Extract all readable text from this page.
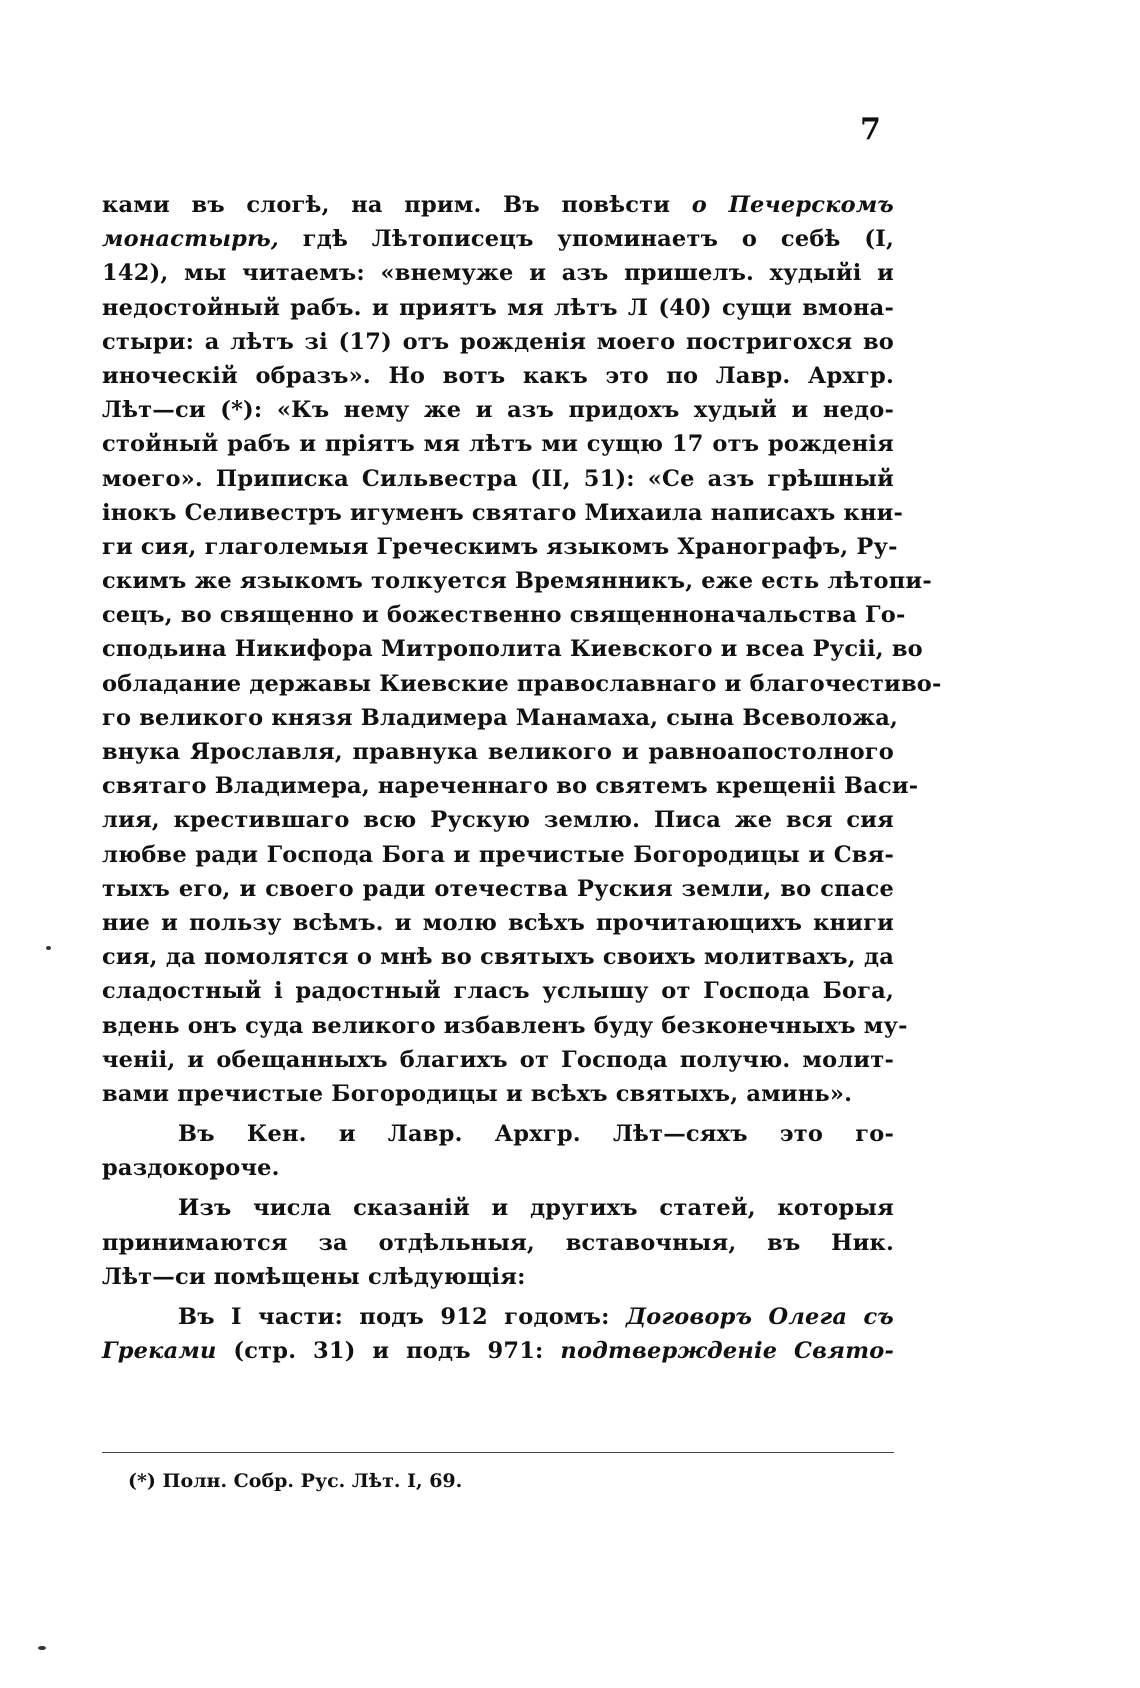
7
ками въ слогѣ, на прим. Въ повѣсти о Печерскомъ
монастырѣ, гдѣ Лѣтописецъ упоминаетъ о себѣ (I,
142), мы читаемъ: «внемуже и азъ пришелъ. худыйі и
недостойный рабъ. и приятъ мя лѣтъ Л (40) сущи вмона-
стыри: а лѣтъ зі (17) отъ рожденія моего постригохся во
иноческій образъ». Но вотъ какъ это по Лавр. Архгр.
Лѣт—си (*): «Къ нему же и азъ придохъ худый и недо-
стойный рабъ и пріятъ мя лѣтъ ми сущю 17 отъ рожденія
моего». Приписка Сильвестра (II, 51): «Се азъ грѣшный
інокъ Селивестръ игуменъ святаго Михаила написахъ кни-
ги сия, глаголемыя Греческимъ языкомъ Хранографъ, Ру-
скимъ же языкомъ толкуется Времянникъ, еже есть лѣтопи-
сецъ, во священно и божественно священноначальства Го-
сподьина Никифора Митрополита Киевского и всеа Русіі, во
обладание державы Киевские православнаго и благочестиво-
го великого князя Владимера Манамаха, сына Всеволожа,
внука Ярославля, правнука великого и равноапостолного
святаго Владимера, нареченнаго во святемъ крещеніі Васи-
лия, крестившаго всю Рускую землю. Писа же вся сия
любве ради Господа Бога и пречистые Богородицы и Свя-
тыхъ его, и своего ради отечества Руския земли, во спасе
ние и пользу всѣмъ. и молю всѣхъ прочитающихъ книги
сия, да помолятся о мнѣ во святыхъ своихъ молитвахъ, да
сладостный і радостный гласъ услышу от Господа Бога,
вдень онъ суда великого избавленъ буду безконечныхъ му-
ченіі, и обещанныхъ благихъ от Господа получю. молит-
вами пречистые Богородицы и всѣхъ святыхъ, аминь».
Въ Кен. и Лавр. Архгр. Лѣт—сяхъ это го-
раздокороче.
Изъ числа сказаній и другихъ статей, которыя
принимаются за отдѣльныя, вставочныя, въ Ник.
Лѣт—си помѣщены слѣдующія:
Въ I части: подъ 912 годомъ: Договоръ Олега съ
Греками (стр. 31) и подъ 971: подтвержденіе Свято-
(*) Полн. Собр. Рус. Лѣт. I, 69.
